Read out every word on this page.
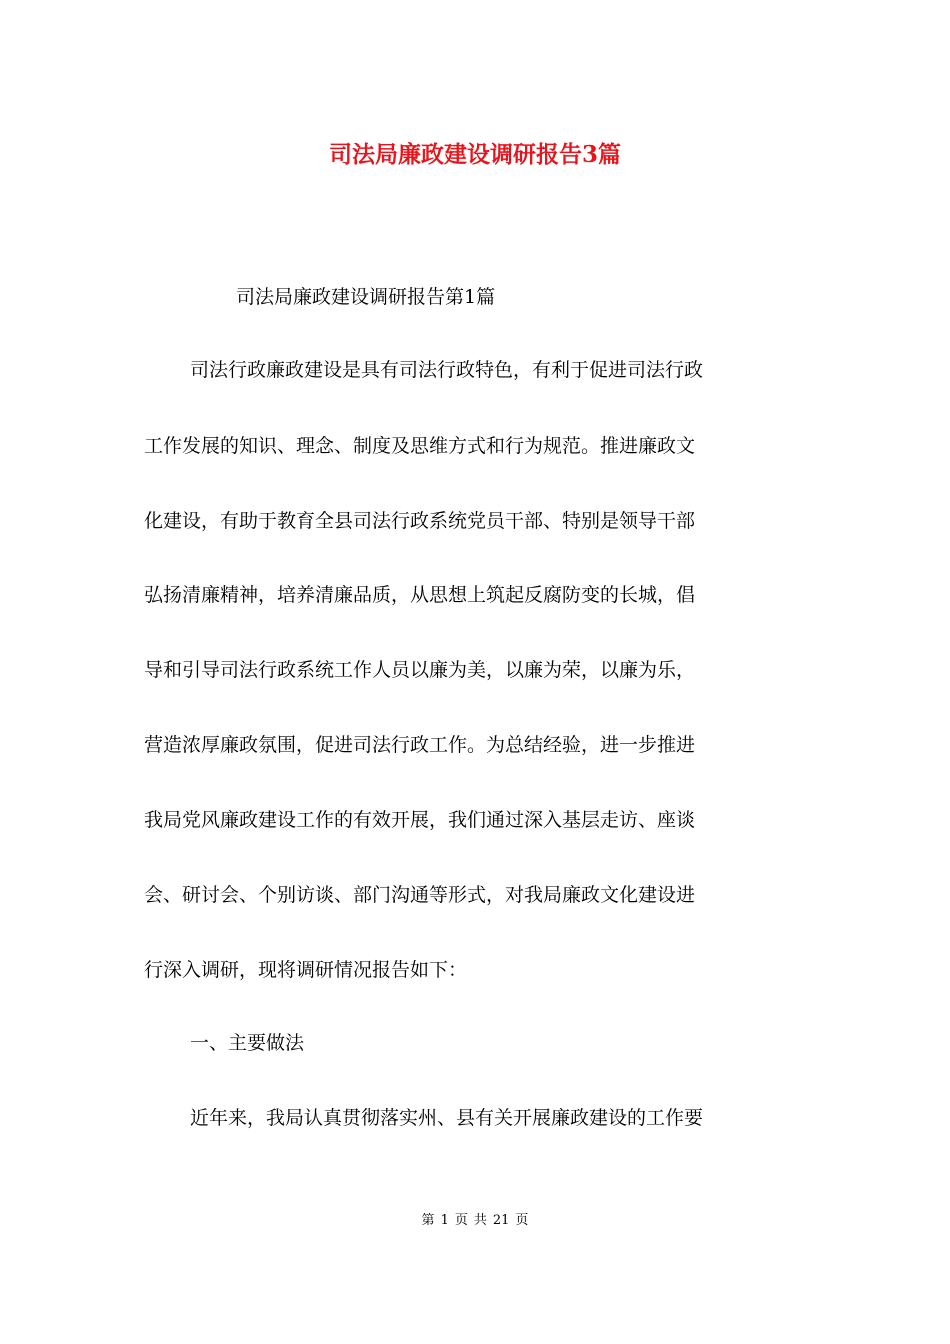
司法局廉政建设调研报告3篇
司法局廉政建设调研报告第1篇
司法行政廉政建设是具有司法行政特色，有利于促进司法行政
工作发展的知识、理念、制度及思维方式和行为规范。推进廉政文
化建设，有助于教育全县司法行政系统党员干部、特别是领导干部
弘扬清廉精神，培养清廉品质，从思想上筑起反腐防变的长城，倡
导和引导司法行政系统工作人员以廉为美，以廉为荣，以廉为乐，
营造浓厚廉政氛围，促进司法行政工作。为总结经验，进一步推进
我局党风廉政建设工作的有效开展，我们通过深入基层走访、座谈
会、研讨会、个别访谈、部门沟通等形式，对我局廉政文化建设进
行深入调研，现将调研情况报告如下：
一、主要做法
近年来，我局认真贯彻落实州、县有关开展廉政建设的工作要
第 1 页 共 21 页
